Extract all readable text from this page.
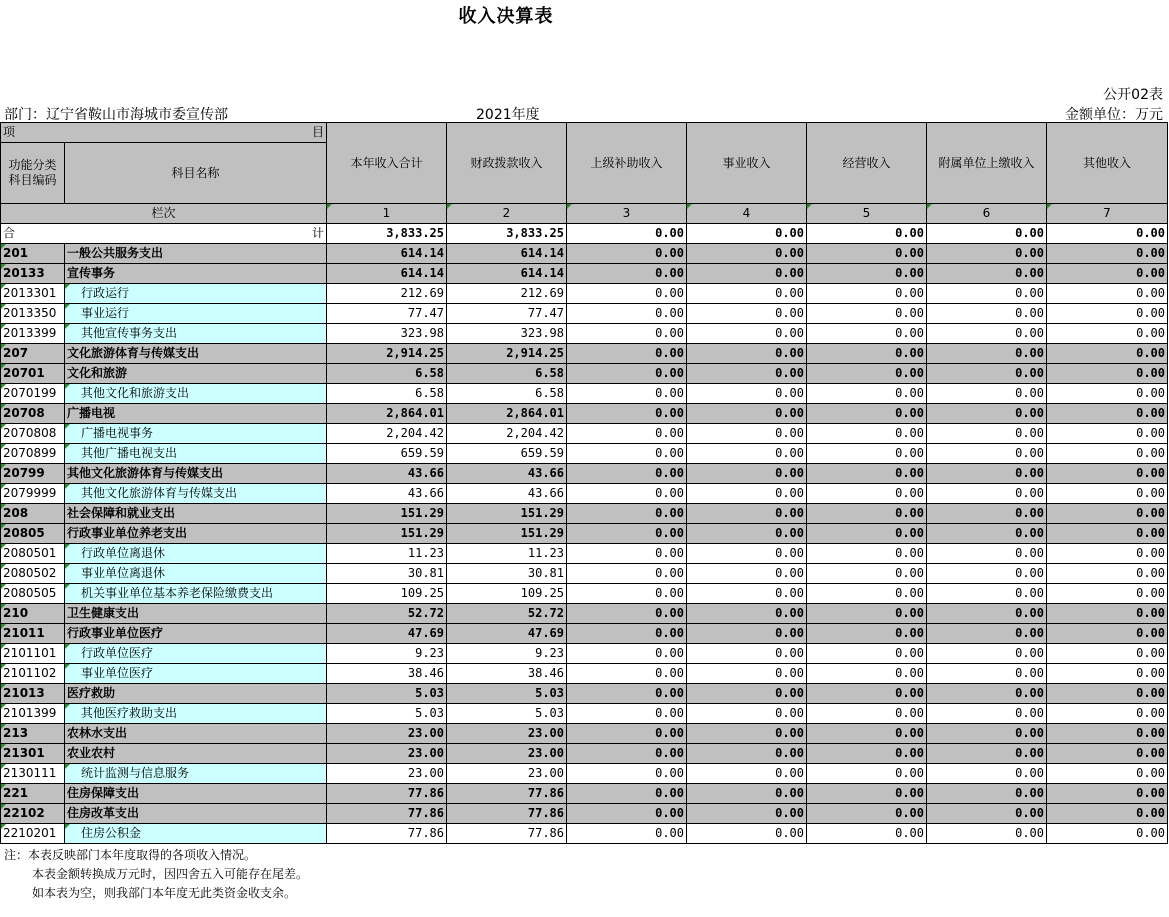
收入决算表
公开02表
部门：辽宁省鞍山市海城市委宣传部	2021年度	金额单位：万元
项 目		本年收入合计	财政拨款收入	上级补助收入	事业收入	经营收入	附属单位上缴收入	其他收入
功能分类科目编码	科目名称							
栏次		1	2	3	4	5	6	7

合 计		3,833.25	3,833.25	0.00	0.00	0.00	0.00	0.00
201	一般公共服务支出	614.14	614.14	0.00	0.00	0.00	0.00	0.00
20133	宣传事务	614.14	614.14	0.00	0.00	0.00	0.00	0.00
2013301	行政运行	212.69	212.69	0.00	0.00	0.00	0.00	0.00
2013350	事业运行	77.47	77.47	0.00	0.00	0.00	0.00	0.00
2013399	其他宣传事务支出	323.98	323.98	0.00	0.00	0.00	0.00	0.00
207	文化旅游体育与传媒支出	2,914.25	2,914.25	0.00	0.00	0.00	0.00	0.00
20701	文化和旅游	6.58	6.58	0.00	0.00	0.00	0.00	0.00
2070199	其他文化和旅游支出	6.58	6.58	0.00	0.00	0.00	0.00	0.00
20708	广播电视	2,864.01	2,864.01	0.00	0.00	0.00	0.00	0.00
2070808	广播电视事务	2,204.42	2,204.42	0.00	0.00	0.00	0.00	0.00
2070899	其他广播电视支出	659.59	659.59	0.00	0.00	0.00	0.00	0.00
20799	其他文化旅游体育与传媒支出	43.66	43.66	0.00	0.00	0.00	0.00	0.00
2079999	其他文化旅游体育与传媒支出	43.66	43.66	0.00	0.00	0.00	0.00	0.00
208	社会保障和就业支出	151.29	151.29	0.00	0.00	0.00	0.00	0.00
20805	行政事业单位养老支出	151.29	151.29	0.00	0.00	0.00	0.00	0.00
2080501	行政单位离退休	11.23	11.23	0.00	0.00	0.00	0.00	0.00
2080502	事业单位离退休	30.81	30.81	0.00	0.00	0.00	0.00	0.00
2080505	机关事业单位基本养老保险缴费支出	109.25	109.25	0.00	0.00	0.00	0.00	0.00
210	卫生健康支出	52.72	52.72	0.00	0.00	0.00	0.00	0.00
21011	行政事业单位医疗	47.69	47.69	0.00	0.00	0.00	0.00	0.00
2101101	行政单位医疗	9.23	9.23	0.00	0.00	0.00	0.00	0.00
2101102	事业单位医疗	38.46	38.46	0.00	0.00	0.00	0.00	0.00
21013	医疗救助	5.03	5.03	0.00	0.00	0.00	0.00	0.00
2101399	其他医疗救助支出	5.03	5.03	0.00	0.00	0.00	0.00	0.00
213	农林水支出	23.00	23.00	0.00	0.00	0.00	0.00	0.00
21301	农业农村	23.00	23.00	0.00	0.00	0.00	0.00	0.00
2130111	统计监测与信息服务	23.00	23.00	0.00	0.00	0.00	0.00	0.00
221	住房保障支出	77.86	77.86	0.00	0.00	0.00	0.00	0.00
22102	住房改革支出	77.86	77.86	0.00	0.00	0.00	0.00	0.00
2210201	住房公积金	77.86	77.86	0.00	0.00	0.00	0.00	0.00
注：本表反映部门本年度取得的各项收入情况。
本表金额转换成万元时，因四舍五入可能存在尾差。
如本表为空，则我部门本年度无此类资金收支余。
